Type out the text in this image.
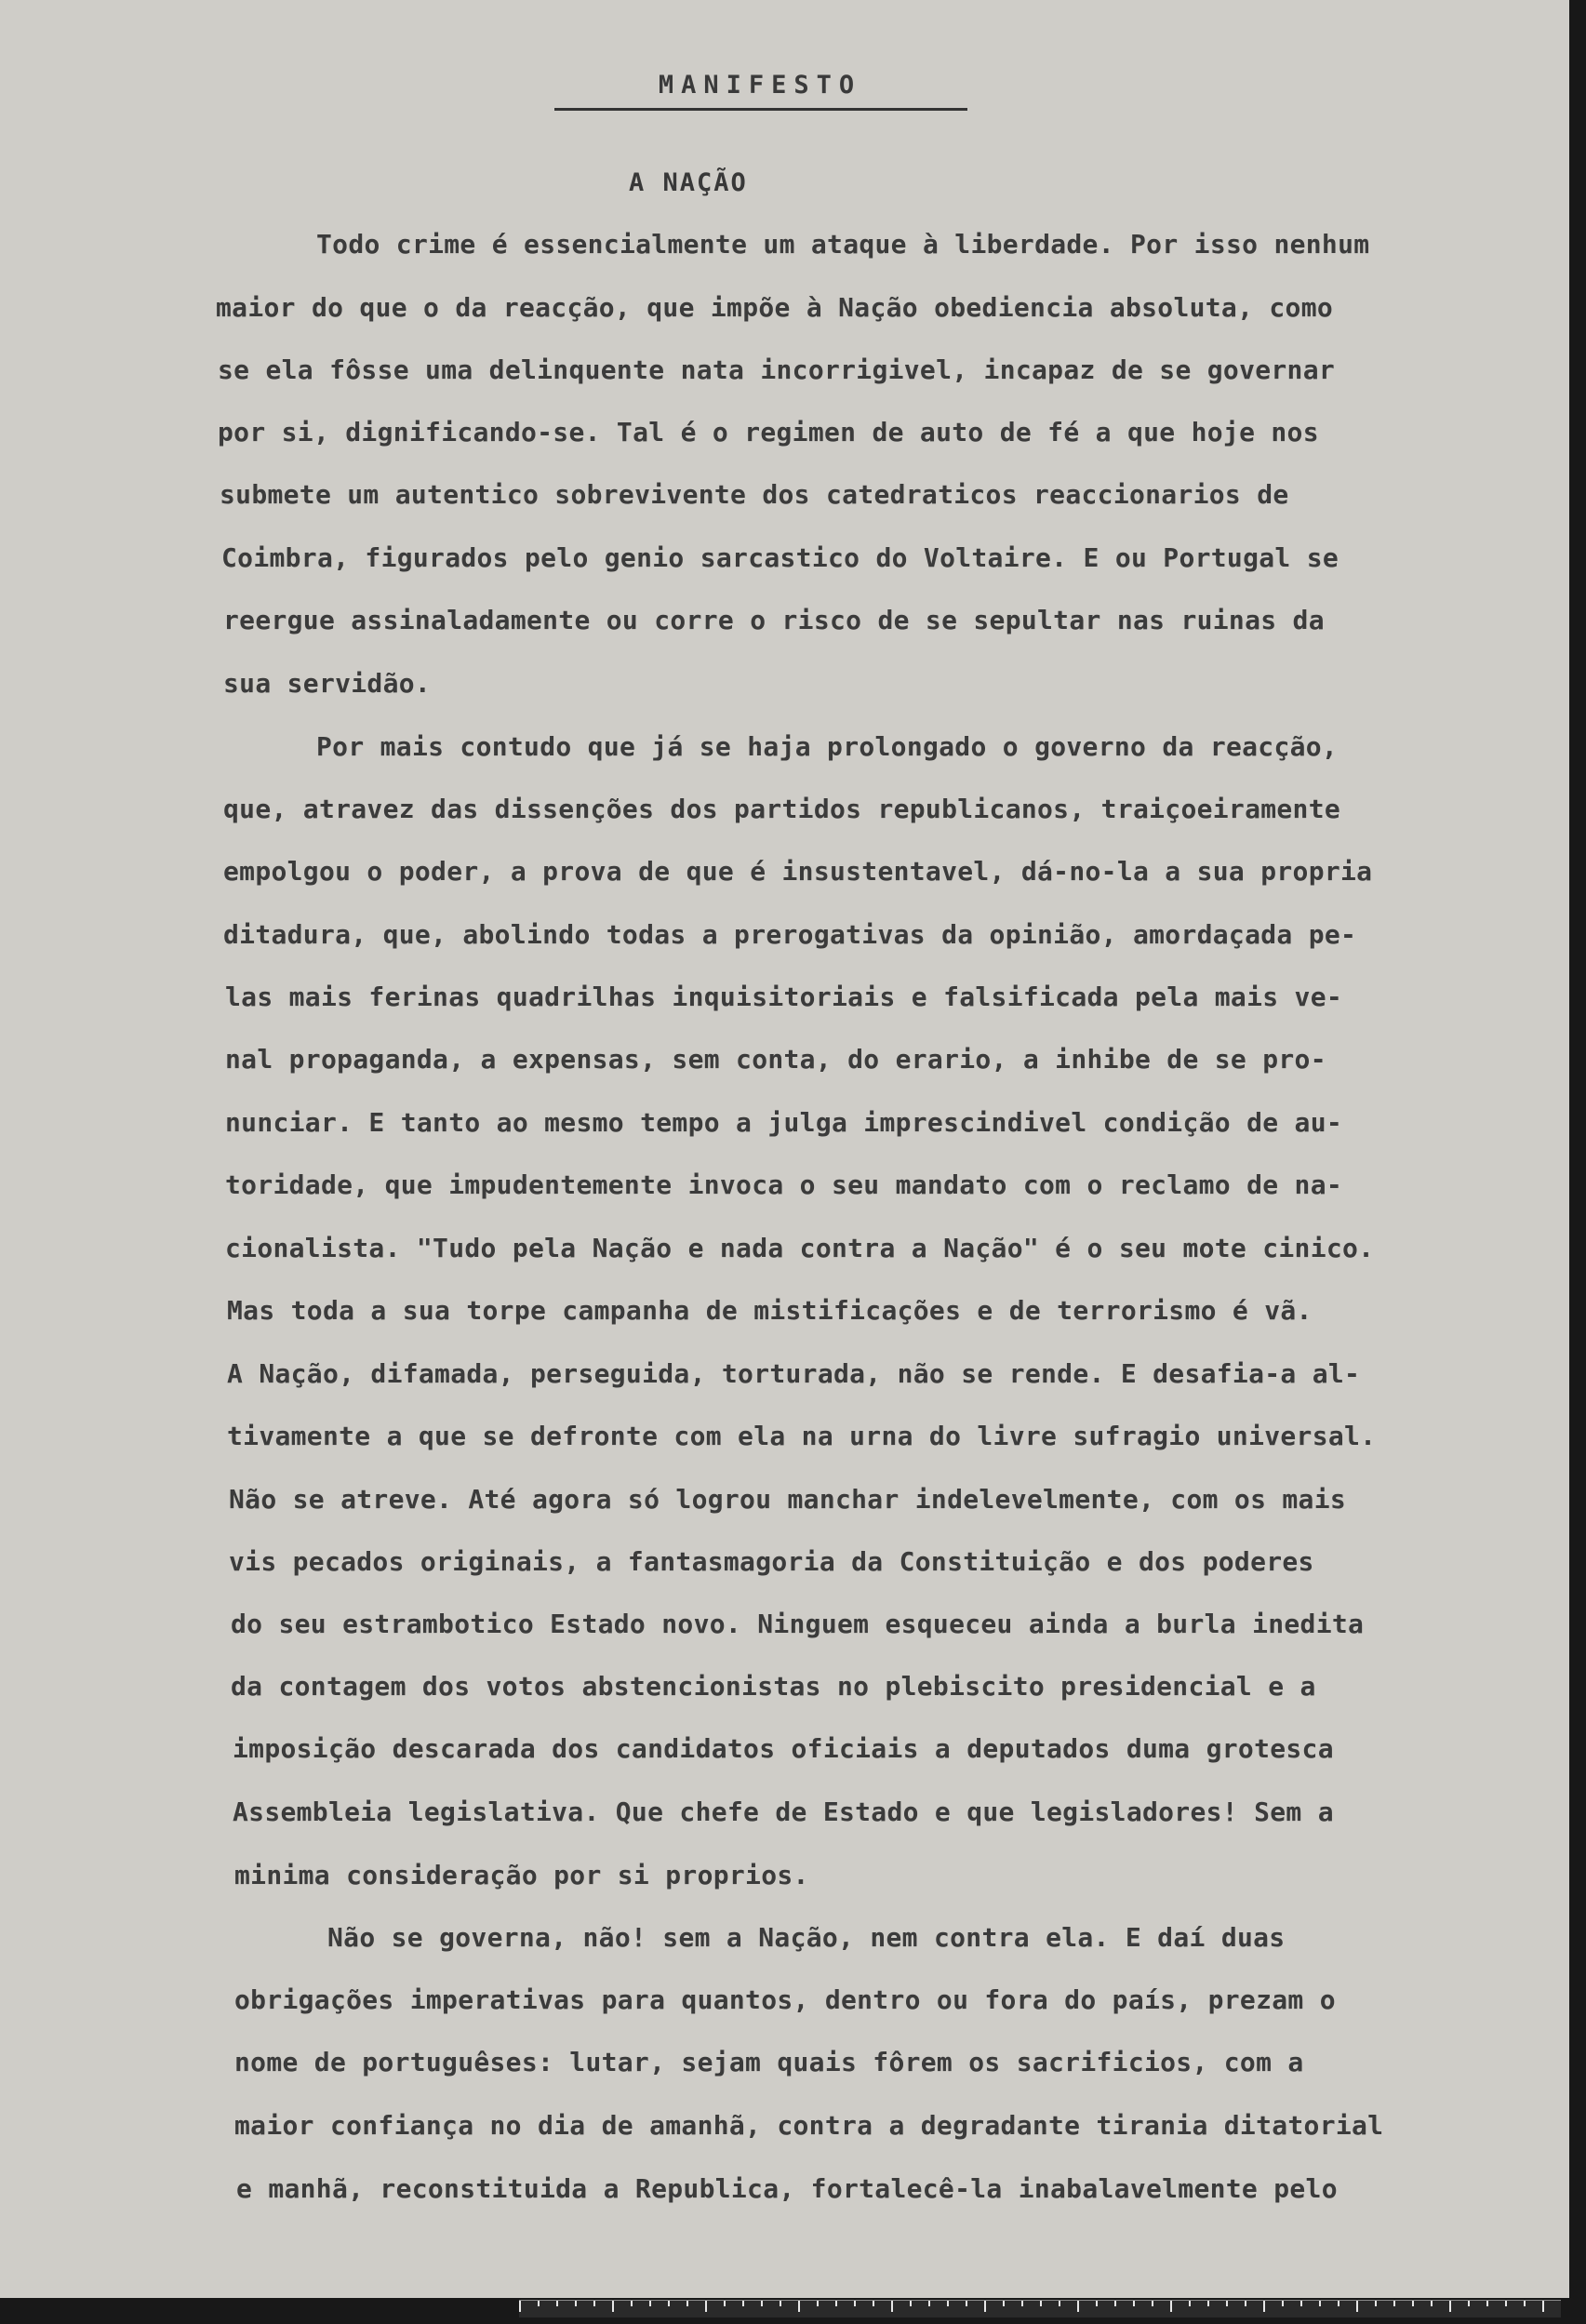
MANIFESTO
A NAÇÃO
Todo crime é essencialmente um ataque à liberdade. Por isso nenhum
maior do que o da reacção, que impõe à Nação obediencia absoluta, como
se ela fôsse uma delinquente nata incorrigivel, incapaz de se governar
por si, dignificando-se. Tal é o regimen de auto de fé a que hoje nos
submete um autentico sobrevivente dos catedraticos reaccionarios de
Coimbra, figurados pelo genio sarcastico do Voltaire. E ou Portugal se
reergue assinaladamente ou corre o risco de se sepultar nas ruinas da
sua servidão.
Por mais contudo que já se haja prolongado o governo da reacção,
que, atravez das dissenções dos partidos republicanos, traiçoeiramente
empolgou o poder, a prova de que é insustentavel, dá-no-la a sua propria
ditadura, que, abolindo todas a prerogativas da opinião, amordaçada pe-
las mais ferinas quadrilhas inquisitoriais e falsificada pela mais ve-
nal propaganda, a expensas, sem conta, do erario, a inhibe de se pro-
nunciar. E tanto ao mesmo tempo a julga imprescindivel condição de au-
toridade, que impudentemente invoca o seu mandato com o reclamo de na-
cionalista. "Tudo pela Nação e nada contra a Nação" é o seu mote cinico.
Mas toda a sua torpe campanha de mistificações e de terrorismo é vã.
A Nação, difamada, perseguida, torturada, não se rende. E desafia-a al-
tivamente a que se defronte com ela na urna do livre sufragio universal.
Não se atreve. Até agora só logrou manchar indelevelmente, com os mais
vis pecados originais, a fantasmagoria da Constituição e dos poderes
do seu estrambotico Estado novo. Ninguem esqueceu ainda a burla inedita
da contagem dos votos abstencionistas no plebiscito presidencial e a
imposição descarada dos candidatos oficiais a deputados duma grotesca
Assembleia legislativa. Que chefe de Estado e que legisladores! Sem a
minima consideração por si proprios.
Não se governa, não! sem a Nação, nem contra ela. E daí duas
obrigações imperativas para quantos, dentro ou fora do país, prezam o
nome de portuguêses: lutar, sejam quais fôrem os sacrificios, com a
maior confiança no dia de amanhã, contra a degradante tirania ditatorial
e manhã, reconstituida a Republica, fortalecê-la inabalavelmente pelo
